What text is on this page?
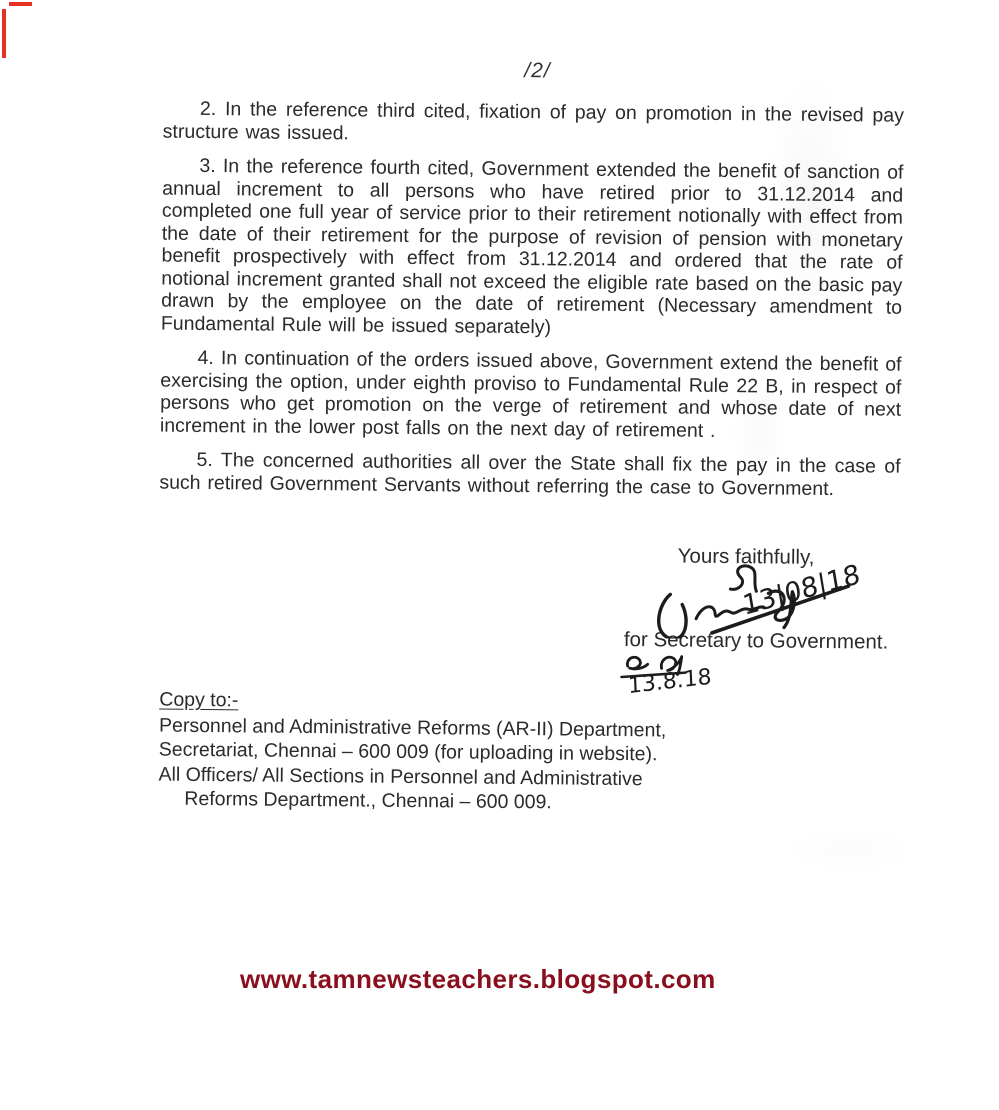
/2/

2. In the reference third cited, fixation of pay on promotion in the revised pay structure was issued.

3. In the reference fourth cited, Government extended the benefit of sanction of annual increment to all persons who have retired prior to 31.12.2014 and completed one full year of service prior to their retirement notionally with effect from the date of their retirement for the purpose of revision of pension with monetary benefit prospectively with effect from 31.12.2014 and ordered that the rate of notional increment granted shall not exceed the eligible rate based on the basic pay drawn by the employee on the date of retirement (Necessary amendment to Fundamental Rule will be issued separately)

4. In continuation of the orders issued above, Government extend the benefit of exercising the option, under eighth proviso to Fundamental Rule 22 B, in respect of persons who get promotion on the verge of retirement and whose date of next increment in the lower post falls on the next day of retirement .

5. The concerned authorities all over the State shall fix the pay in the case of such retired Government Servants without referring the case to Government.

Yours faithfully,
13|08|18
for Secretary to Government.
13.8.18

Copy to:-

Personnel and Administrative Reforms (AR-II) Department,

Secretariat, Chennai – 600 009 (for uploading in website).

All Officers/ All Sections in Personnel and Administrative

Reforms Department., Chennai – 600 009.

www.tamnewsteachers.blogspot.com
